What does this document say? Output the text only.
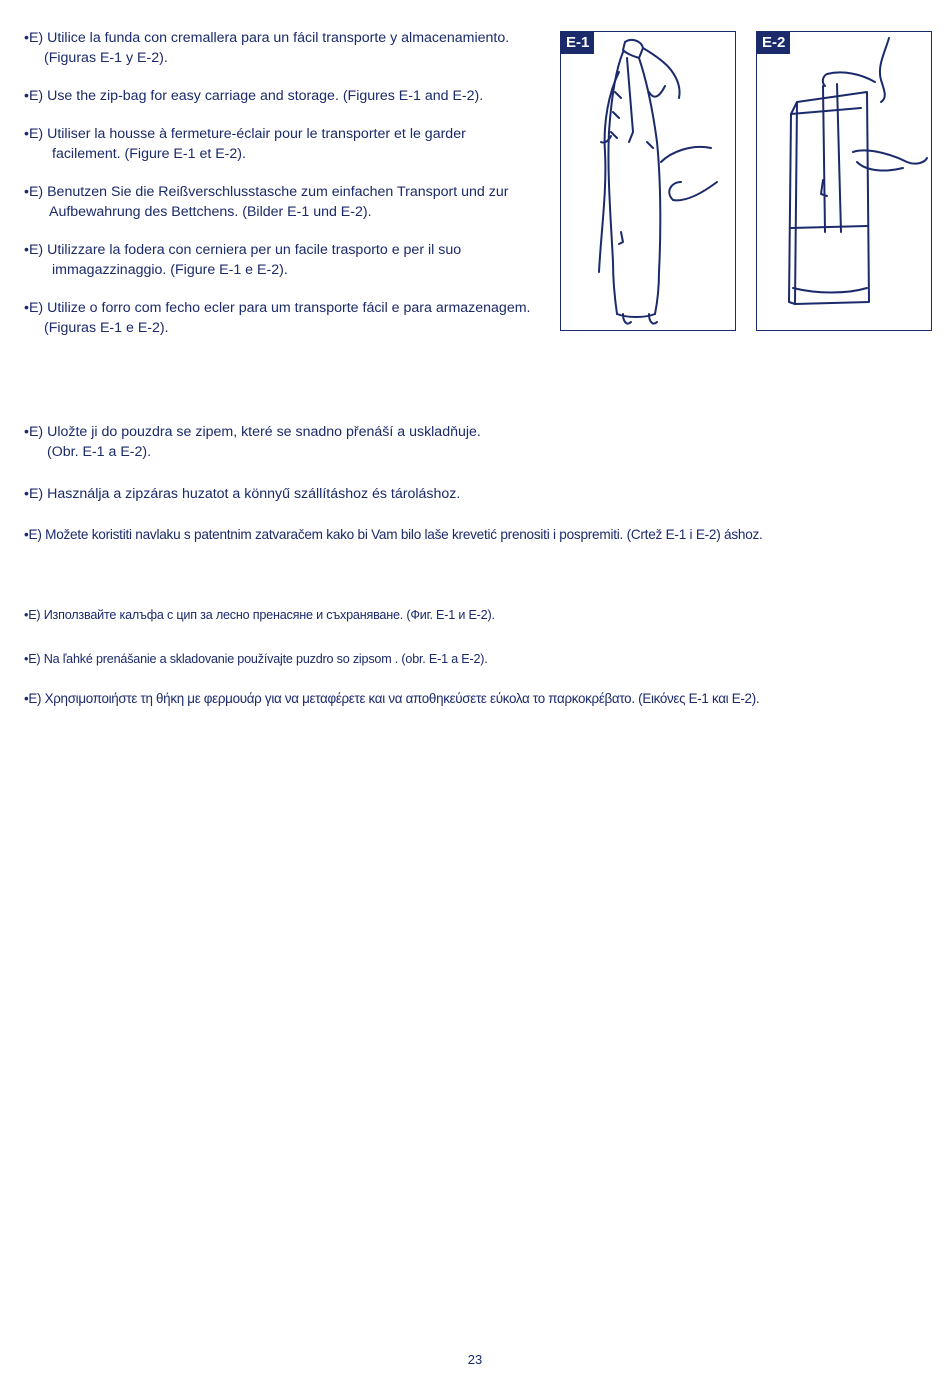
•E) Utilice la funda con cremallera para un fácil transporte y almacenamiento.
(Figuras E-1 y E-2).

•E) Use the zip-bag for easy carriage and storage. (Figures E-1 and E-2).

•E) Utiliser la housse à fermeture-éclair pour le transporter et le garder
facilement. (Figure E-1 et E-2).

•E) Benutzen Sie die Reißverschlusstasche zum einfachen Transport und zur
Aufbewahrung des Bettchens. (Bilder E-1 und E-2).

•E) Utilizzare la fodera con cerniera per un facile trasporto e per il suo
immagazzinaggio. (Figure E-1 e E-2).

•E) Utilize o forro com fecho ecler para um transporte fácil e para armazenagem.
(Figuras E-1 e E-2).

•E) Uložte ji do pouzdra se zipem, které se snadno přenáší a uskladňuje.
(Obr. E-1 a E-2).

•E) Használja a zipzáras huzatot a könnyű szállításhoz és tároláshoz.

•E) Možete koristiti navlaku s patentnim zatvaračem kako bi Vam bilo laše krevetić prenositi i pospremiti. (Crtež E-1 i E-2) áshoz.

•E) Използвайте калъфа с цип за лесно пренасяне и съхраняване. (Фиг. E-1 и E-2).

•E) Na ľahké prenášanie a skladovanie používajte puzdro so zipsom . (obr. E-1 a E-2).

•E) Χρησιμοποιήστε τη θήκη με φερμουάρ για να μεταφέρετε και να αποθηκεύσετε εύκολα το παρκοκρέβατο. (Εικόνες E-1 και E-2).

E-1	E-2
23
